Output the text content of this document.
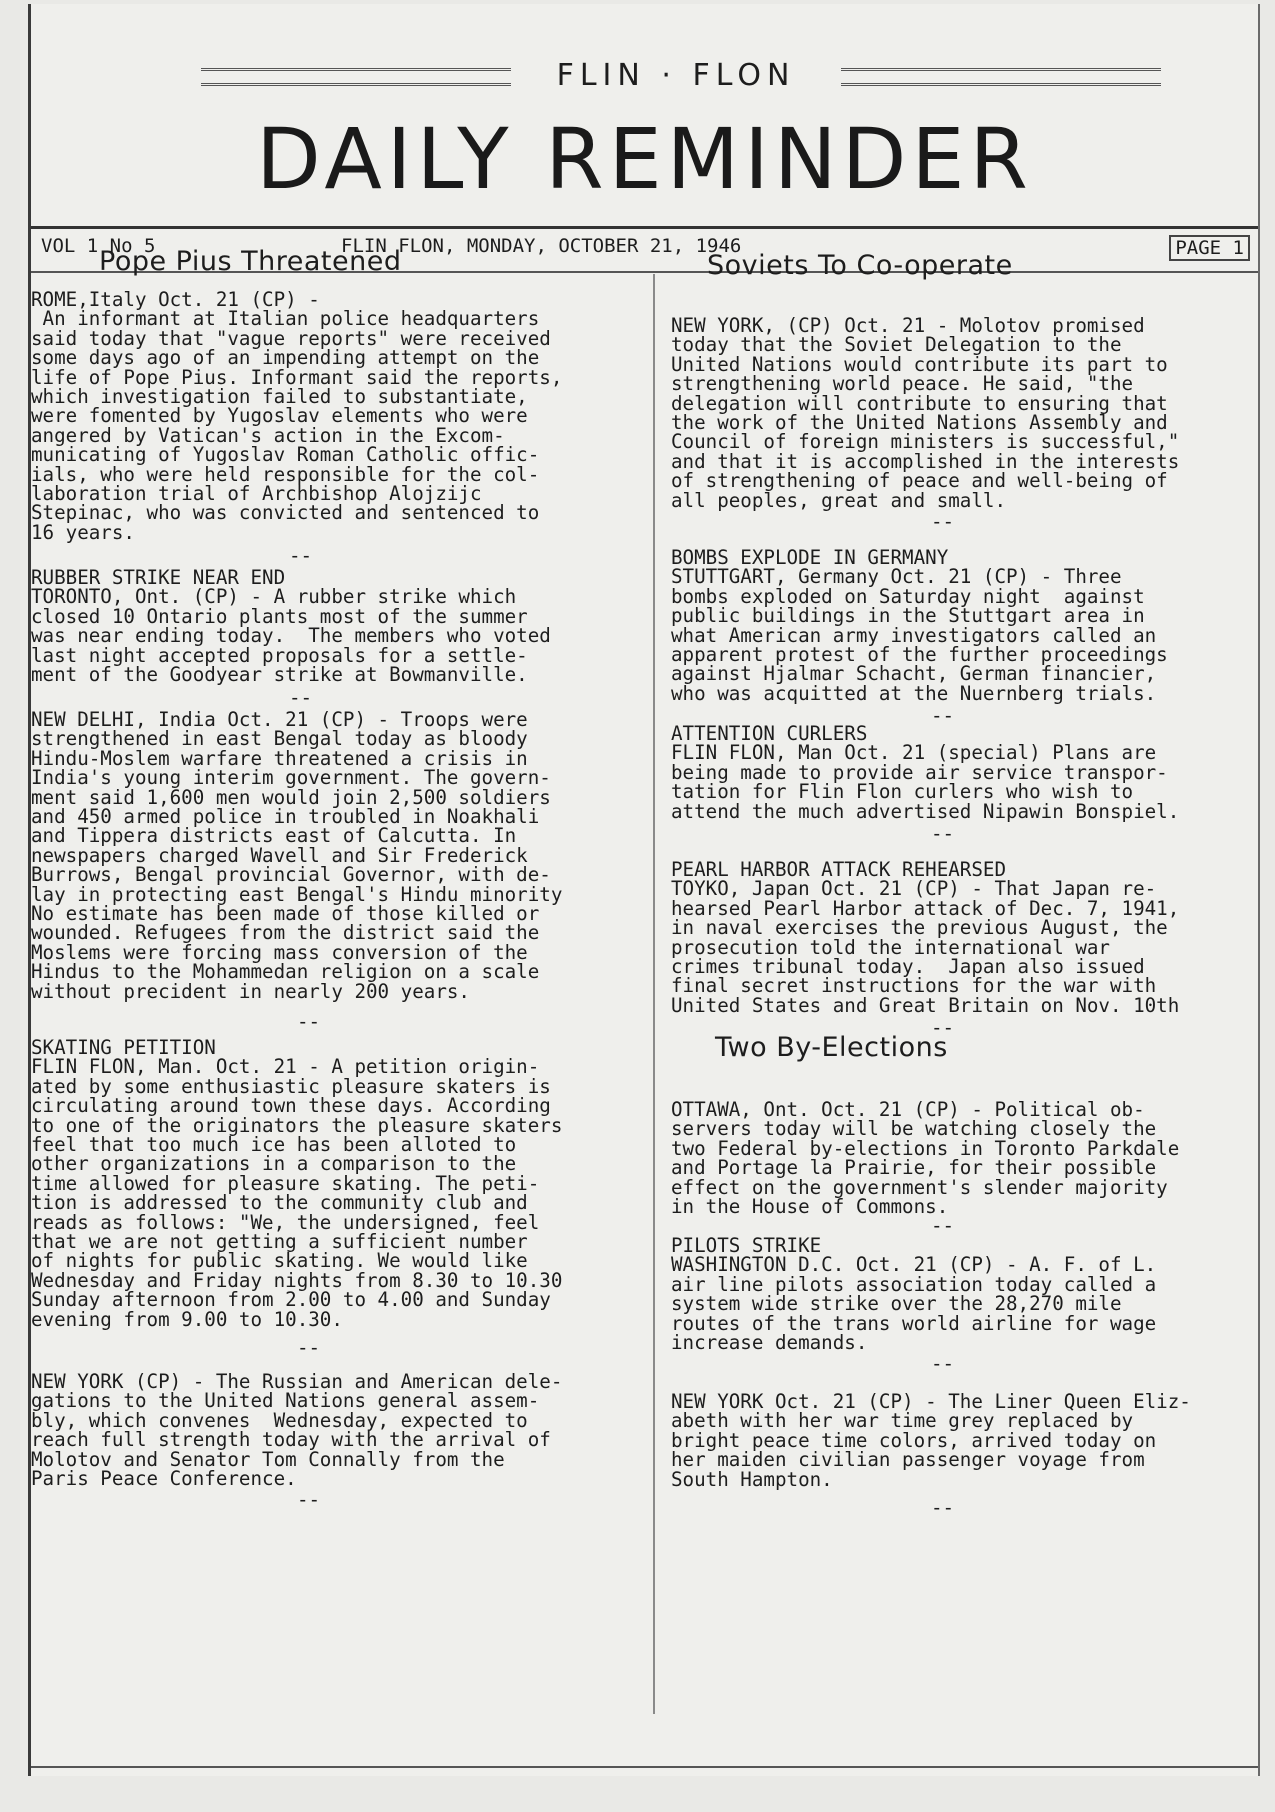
FLIN · FLON
DAILY REMINDER
VOL 1 No 5	FLIN FLON, MONDAY, OCTOBER 21, 1946	PAGE 1

Pope Pius Threatened

ROME,Italy Oct. 21 (CP) -
An informant at Italian police headquarters
said today that "vague reports" were received
some days ago of an impending attempt on the
life of Pope Pius. Informant said the reports,
which investigation failed to substantiate,
were fomented by Yugoslav elements who were
angered by Vatican's action in the Excom-
municating of Yugoslav Roman Catholic offic-
ials, who were held responsible for the col-
laboration trial of Archbishop Alojzijc
Stepinac, who was convicted and sentenced to
16 years.

--

RUBBER STRIKE NEAR END
TORONTO, Ont. (CP) - A rubber strike which
closed 10 Ontario plants most of the summer
was near ending today.  The members who voted
last night accepted proposals for a settle-
ment of the Goodyear strike at Bowmanville.

--

NEW DELHI, India Oct. 21 (CP) - Troops were
strengthened in east Bengal today as bloody
Hindu-Moslem warfare threatened a crisis in
India's young interim government. The govern-
ment said 1,600 men would join 2,500 soldiers
and 450 armed police in troubled in Noakhali
and Tipperа districts east of Calcutta. In
newspapers charged Wavell and Sir Frederick
Burrows, Bengal provincial Governor, with de-
lay in protecting east Bengal's Hindu minority
No estimate has been made of those killed or
wounded. Refugees from the district said the
Moslems were forcing mass conversion of the
Hindus to the Mohammedan religion on a scale
without precident in nearly 200 years.

--

SKATING PETITION
FLIN FLON, Man. Oct. 21 - A petition origin-
ated by some enthusiastic pleasure skaters is
circulating around town these days. According
to one of the originators the pleasure skaters
feel that too much ice has been alloted to
other organizations in a comparison to the
time allowed for pleasure skating. The peti-
tion is addressed to the community club and
reads as follows: "We, the undersigned, feel
that we are not getting a sufficient number
of nights for public skating. We would like
Wednesday and Friday nights from 8.30 to 10.30
Sunday afternoon from 2.00 to 4.00 and Sunday
evening from 9.00 to 10.30.

--

NEW YORK (CP) - The Russian and American dele-
gations to the United Nations general assem-
bly, which convenes  Wednesday, expected to
reach full strength today with the arrival of
Molotov and Senator Tom Connally from the
Paris Peace Conference.

--

Soviets To Co-operate

NEW YORK, (CP) Oct. 21 - Molotov promised
today that the Soviet Delegation to the
United Nations would contribute its part to
strengthening world peace. He said, "the
delegation will contribute to ensuring that
the work of the United Nations Assembly and
Council of foreign ministers is successful,"
and that it is accomplished in the interests
of strengthening of peace and well-being of
all peoples, great and small.

--

BOMBS EXPLODE IN GERMANY
STUTTGART, Germany Oct. 21 (CP) - Three
bombs exploded on Saturday night  against
public buildings in the Stuttgart area in
what American army investigators called an
apparent protest of the further proceedings
against Hjalmar Schacht, German financier,
who was acquitted at the Nuernberg trials.

--

ATTENTION CURLERS
FLIN FLON, Man Oct. 21 (special) Plans are
being made to provide air service transpor-
tation for Flin Flon curlers who wish to
attend the much advertised Nipawin Bonspiel.

--

PEARL HARBOR ATTACK REHEARSED
TOYKO, Japan Oct. 21 (CP) - That Japan re-
hearsed Pearl Harbor attack of Dec. 7, 1941,
in naval exercises the previous August, the
prosecution told the international war
crimes tribunal today.  Japan also issued
final secret instructions for the war with
United States and Great Britain on Nov. 10th

--

Two By-Elections

OTTAWA, Ont. Oct. 21 (CP) - Political ob-
servers today will be watching closely the
two Federal by-elections in Toronto Parkdale
and Portage la Prairie, for their possible
effect on the government's slender majority
in the House of Commons.

--

PILOTS STRIKE
WASHINGTON D.C. Oct. 21 (CP) - A. F. of L.
air line pilots association today called a
system wide strike over the 28,270 mile
routes of the trans world airline for wage
increase demands.

--

NEW YORK Oct. 21 (CP) - The Liner Queen Eliz-
abeth with her war time grey replaced by
bright peace time colors, arrived today on
her maiden civilian passenger voyage from
South Hampton.

--
